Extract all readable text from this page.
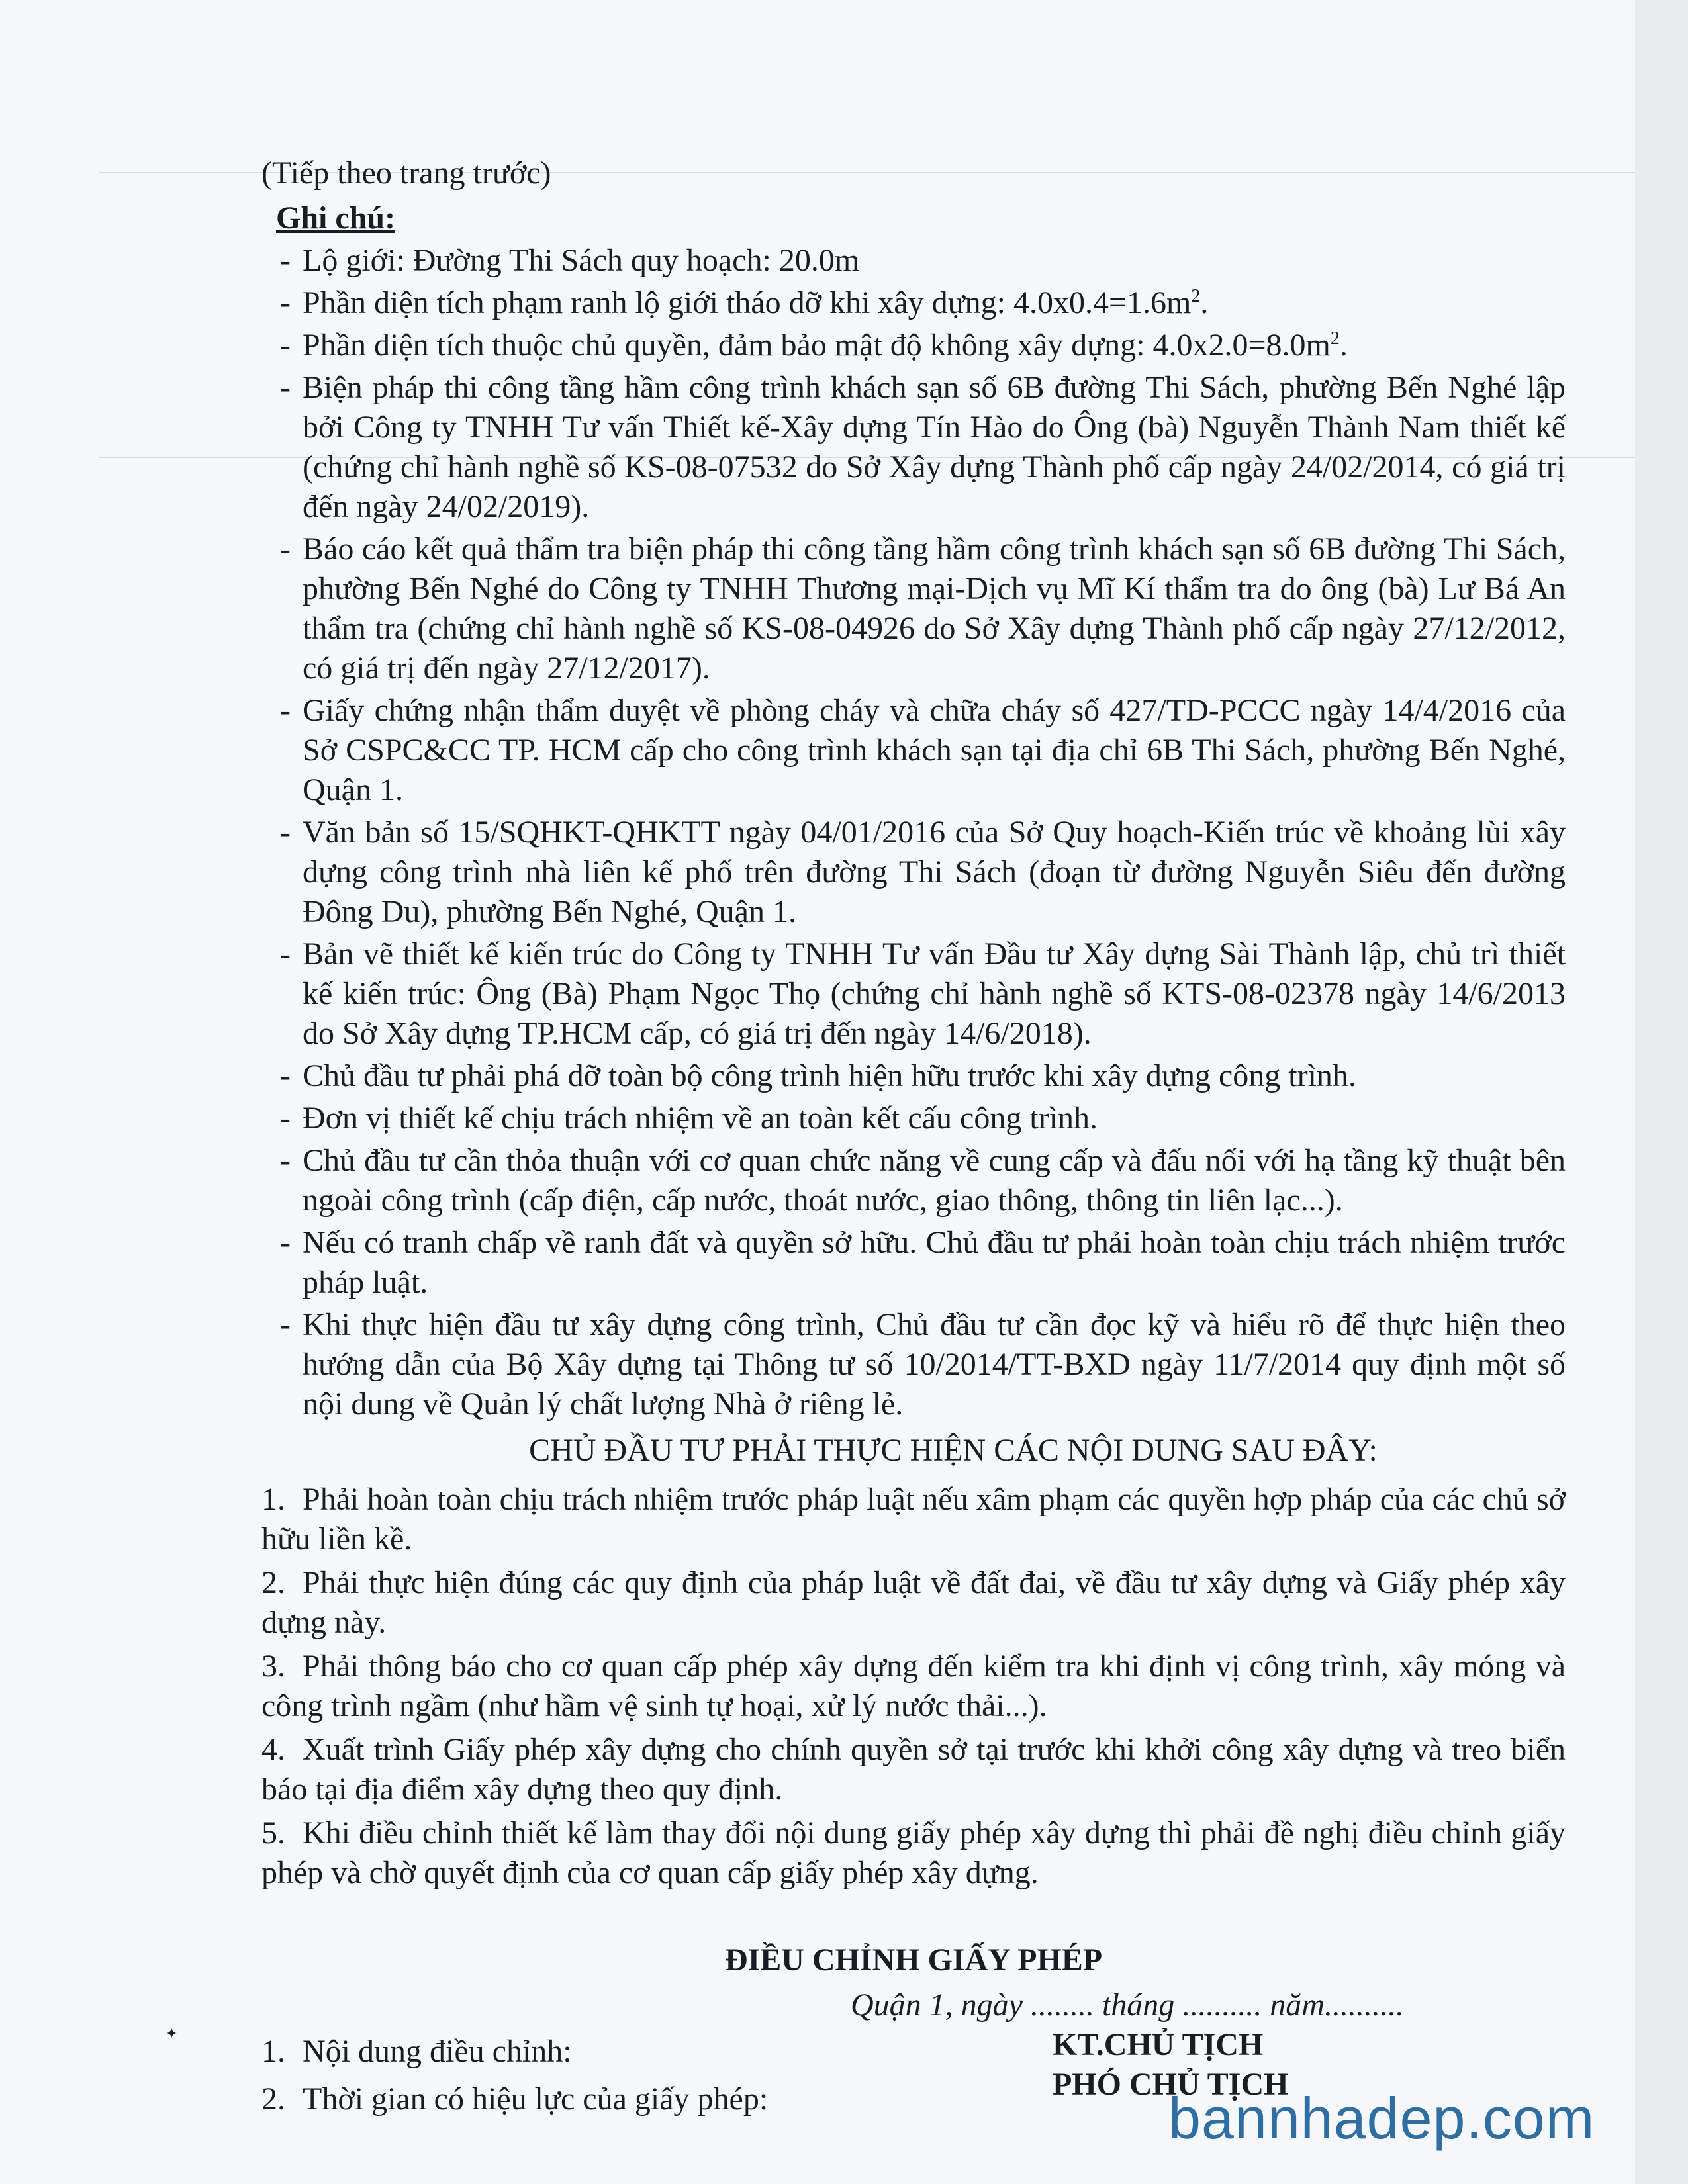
(Tiếp theo trang trước)

Ghi chú:

- Lộ giới: Đường Thi Sách quy hoạch: 20.0m
- Phần diện tích phạm ranh lộ giới tháo dỡ khi xây dựng: $4.0x0.4=1.6m^2$.
- Phần diện tích thuộc chủ quyền, đảm bảo mật độ không xây dựng: $4.0x2.0=8.0m^2$.
- Biện pháp thi công tầng hầm công trình khách sạn số 6B đường Thi Sách, phường Bến Nghé lập bởi Công ty TNHH Tư vấn Thiết kế-Xây dựng Tín Hào do Ông (bà) Nguyễn Thành Nam thiết kế (chứng chỉ hành nghề số KS-08-07532 do Sở Xây dựng Thành phố cấp ngày 24/02/2014, có giá trị đến ngày 24/02/2019).
- Báo cáo kết quả thẩm tra biện pháp thi công tầng hầm công trình khách sạn số 6B đường Thi Sách, phường Bến Nghé do Công ty TNHH Thương mại-Dịch vụ Mĩ Kí thẩm tra do ông (bà) Lư Bá An thẩm tra (chứng chỉ hành nghề số KS-08-04926 do Sở Xây dựng Thành phố cấp ngày 27/12/2012, có giá trị đến ngày 27/12/2017).
- Giấy chứng nhận thẩm duyệt về phòng cháy và chữa cháy số 427/TD-PCCC ngày 14/4/2016 của Sở CSPC&CC TP. HCM cấp cho công trình khách sạn tại địa chỉ 6B Thi Sách, phường Bến Nghé, Quận 1.
- Văn bản số 15/SQHKT-QHKTT ngày 04/01/2016 của Sở Quy hoạch-Kiến trúc về khoảng lùi xây dựng công trình nhà liên kế phố trên đường Thi Sách (đoạn từ đường Nguyễn Siêu đến đường Đông Du), phường Bến Nghé, Quận 1.
- Bản vẽ thiết kế kiến trúc do Công ty TNHH Tư vấn Đầu tư Xây dựng Sài Thành lập, chủ trì thiết kế kiến trúc: Ông (Bà) Phạm Ngọc Thọ (chứng chỉ hành nghề số KTS-08-02378 ngày 14/6/2013 do Sở Xây dựng TP.HCM cấp, có giá trị đến ngày 14/6/2018).
- Chủ đầu tư phải phá dỡ toàn bộ công trình hiện hữu trước khi xây dựng công trình.
- Đơn vị thiết kế chịu trách nhiệm về an toàn kết cấu công trình.
- Chủ đầu tư cần thỏa thuận với cơ quan chức năng về cung cấp và đấu nối với hạ tầng kỹ thuật bên ngoài công trình (cấp điện, cấp nước, thoát nước, giao thông, thông tin liên lạc...).
- Nếu có tranh chấp về ranh đất và quyền sở hữu. Chủ đầu tư phải hoàn toàn chịu trách nhiệm trước pháp luật.
- Khi thực hiện đầu tư xây dựng công trình, Chủ đầu tư cần đọc kỹ và hiểu rõ để thực hiện theo hướng dẫn của Bộ Xây dựng tại Thông tư số 10/2014/TT-BXD ngày 11/7/2014 quy định một số nội dung về Quản lý chất lượng Nhà ở riêng lẻ.

CHỦ ĐẦU TƯ PHẢI THỰC HIỆN CÁC NỘI DUNG SAU ĐÂY:

1. Phải hoàn toàn chịu trách nhiệm trước pháp luật nếu xâm phạm các quyền hợp pháp của các chủ sở hữu liền kề.
2. Phải thực hiện đúng các quy định của pháp luật về đất đai, về đầu tư xây dựng và Giấy phép xây dựng này.
3. Phải thông báo cho cơ quan cấp phép xây dựng đến kiểm tra khi định vị công trình, xây móng và công trình ngầm (như hầm vệ sinh tự hoại, xử lý nước thải...).
4. Xuất trình Giấy phép xây dựng cho chính quyền sở tại trước khi khởi công xây dựng và treo biển báo tại địa điểm xây dựng theo quy định.
5. Khi điều chỉnh thiết kế làm thay đổi nội dung giấy phép xây dựng thì phải đề nghị điều chỉnh giấy phép và chờ quyết định của cơ quan cấp giấy phép xây dựng.

ĐIỀU CHỈNH GIẤY PHÉP

1. Nội dung điều chỉnh:
2. Thời gian có hiệu lực của giấy phép:
✦
Quận 1, ngày ........ tháng .......... năm..........
KT.CHỦ TỊCH
PHÓ CHỦ TỊCH
bannhadep.com
